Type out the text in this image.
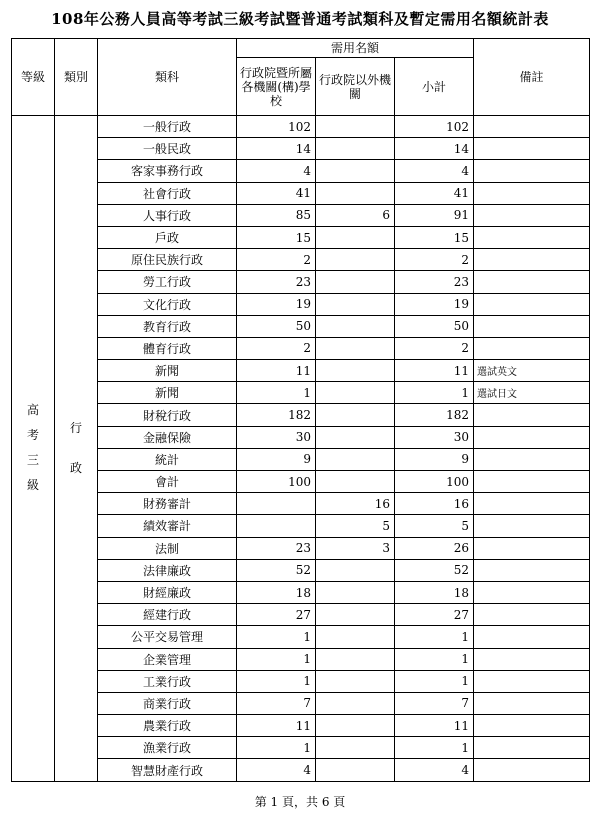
108年公務人員高等考試三級考試暨普通考試類科及暫定需用名額統計表
等級	類別	類科	需用名額			備註
			行政院暨所屬各機關(構)學校	行政院以外機關	小計	
高考三級	行政	一般行政	102		102	
		一般民政	14		14	
		客家事務行政	4		4	
		社會行政	41		41	
		人事行政	85	6	91	
		戶政	15		15	
		原住民族行政	2		2	
		勞工行政	23		23	
		文化行政	19		19	
		教育行政	50		50	
		體育行政	2		2	
		新聞	11		11	選試英文
		新聞	1		1	選試日文
		財稅行政	182		182	
		金融保險	30		30	
		統計	9		9	
		會計	100		100	
		財務審計		16	16	
		績效審計		5	5	
		法制	23	3	26	
		法律廉政	52		52	
		財經廉政	18		18	
		經建行政	27		27	
		公平交易管理	1		1	
		企業管理	1		1	
		工業行政	1		1	
		商業行政	7		7	
		農業行政	11		11	
		漁業行政	1		1	
		智慧財產行政	4		4	
第 1 頁，共 6 頁
